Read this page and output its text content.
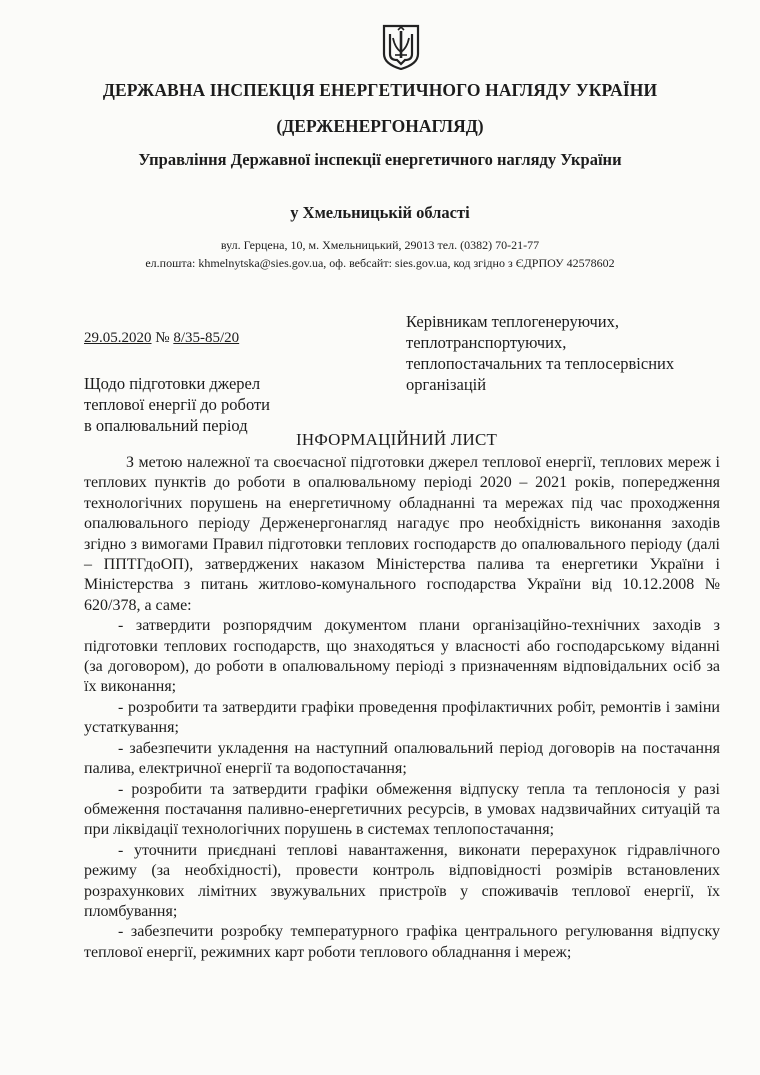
ДЕРЖАВНА ІНСПЕКЦІЯ ЕНЕРГЕТИЧНОГО НАГЛЯДУ УКРАЇНИ
(ДЕРЖЕНЕРГОНАГЛЯД)
Управління Державної інспекції енергетичного нагляду України
у Хмельницькій області
вул. Герцена, 10, м. Хмельницький, 29013 тел. (0382) 70-21-77
ел.пошта: khmelnytska@sies.gov.ua, оф. вебсайт: sies.gov.ua, код згідно з ЄДРПОУ 42578602
29.05.2020 № 8/35-85/20
Керівникам теплогенеруючих, теплотранспортуючих, теплопостачальних та теплосервісних організацій
Щодо підготовки джерел теплової енергії до роботи в опалювальний період
ІНФОРМАЦІЙНИЙ ЛИСТ

З метою належної та своєчасної підготовки джерел теплової енергії, теплових мереж і теплових пунктів до роботи в опалювальному періоді 2020 – 2021 років, попередження технологічних порушень на енергетичному обладнанні та мережах під час проходження опалювального періоду Держенергонагляд нагадує про необхідність виконання заходів згідно з вимогами Правил підготовки теплових господарств до опалювального періоду (далі – ППТГдоОП), затверджених наказом Міністерства палива та енергетики України і Міністерства з питань житлово-комунального господарства України від 10.12.2008 № 620/378, а саме:

- затвердити розпорядчим документом плани організаційно-технічних заходів з підготовки теплових господарств, що знаходяться у власності або господарському віданні (за договором), до роботи в опалювальному періоді з призначенням відповідальних осіб за їх виконання;

- розробити та затвердити графіки проведення профілактичних робіт, ремонтів і заміни устаткування;

- забезпечити укладення на наступний опалювальний період договорів на постачання палива, електричної енергії та водопостачання;

- розробити та затвердити графіки обмеження відпуску тепла та теплоносія у разі обмеження постачання паливно-енергетичних ресурсів, в умовах надзвичайних ситуацій та при ліквідації технологічних порушень в системах теплопостачання;

- уточнити приєднані теплові навантаження, виконати перерахунок гідравлічного режиму (за необхідності), провести контроль відповідності розмірів встановлених розрахункових лімітних звужувальних пристроїв у споживачів теплової енергії, їх пломбування;

- забезпечити розробку температурного графіка центрального регулювання відпуску теплової енергії, режимних карт роботи теплового обладнання і мереж;
